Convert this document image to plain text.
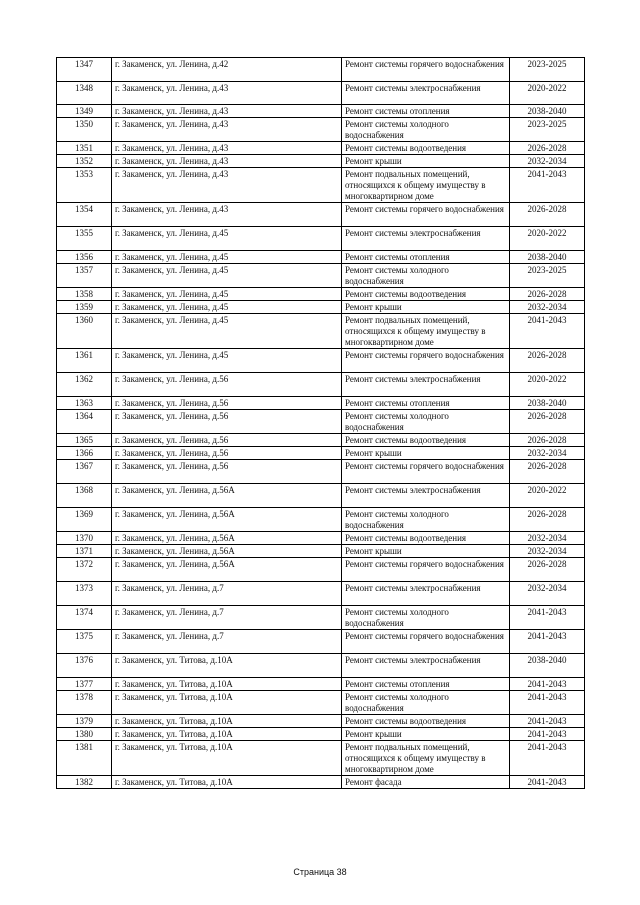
1347	г. Закаменск, ул. Ленина, д.42	Ремонт системы горячего водоснабжения	2023-2025
1348	г. Закаменск, ул. Ленина, д.43	Ремонт системы электроснабжения	2020-2022
1349	г. Закаменск, ул. Ленина, д.43	Ремонт системы отопления	2038-2040
1350	г. Закаменск, ул. Ленина, д.43	Ремонт системы холодного водоснабжения	2023-2025
1351	г. Закаменск, ул. Ленина, д.43	Ремонт системы водоотведения	2026-2028
1352	г. Закаменск, ул. Ленина, д.43	Ремонт крыши	2032-2034
1353	г. Закаменск, ул. Ленина, д.43	Ремонт подвальных помещений, относящихся к общему имуществу в многоквартирном доме	2041-2043
1354	г. Закаменск, ул. Ленина, д.43	Ремонт системы горячего водоснабжения	2026-2028
1355	г. Закаменск, ул. Ленина, д.45	Ремонт системы электроснабжения	2020-2022
1356	г. Закаменск, ул. Ленина, д.45	Ремонт системы отопления	2038-2040
1357	г. Закаменск, ул. Ленина, д.45	Ремонт системы холодного водоснабжения	2023-2025
1358	г. Закаменск, ул. Ленина, д.45	Ремонт системы водоотведения	2026-2028
1359	г. Закаменск, ул. Ленина, д.45	Ремонт крыши	2032-2034
1360	г. Закаменск, ул. Ленина, д.45	Ремонт подвальных помещений, относящихся к общему имуществу в многоквартирном доме	2041-2043
1361	г. Закаменск, ул. Ленина, д.45	Ремонт системы горячего водоснабжения	2026-2028
1362	г. Закаменск, ул. Ленина, д.56	Ремонт системы электроснабжения	2020-2022
1363	г. Закаменск, ул. Ленина, д.56	Ремонт системы отопления	2038-2040
1364	г. Закаменск, ул. Ленина, д.56	Ремонт системы холодного водоснабжения	2026-2028
1365	г. Закаменск, ул. Ленина, д.56	Ремонт системы водоотведения	2026-2028
1366	г. Закаменск, ул. Ленина, д.56	Ремонт крыши	2032-2034
1367	г. Закаменск, ул. Ленина, д.56	Ремонт системы горячего водоснабжения	2026-2028
1368	г. Закаменск, ул. Ленина, д.56А	Ремонт системы электроснабжения	2020-2022
1369	г. Закаменск, ул. Ленина, д.56А	Ремонт системы холодного водоснабжения	2026-2028
1370	г. Закаменск, ул. Ленина, д.56А	Ремонт системы водоотведения	2032-2034
1371	г. Закаменск, ул. Ленина, д.56А	Ремонт крыши	2032-2034
1372	г. Закаменск, ул. Ленина, д.56А	Ремонт системы горячего водоснабжения	2026-2028
1373	г. Закаменск, ул. Ленина, д.7	Ремонт системы электроснабжения	2032-2034
1374	г. Закаменск, ул. Ленина, д.7	Ремонт системы холодного водоснабжения	2041-2043
1375	г. Закаменск, ул. Ленина, д.7	Ремонт системы горячего водоснабжения	2041-2043
1376	г. Закаменск, ул. Титова, д.10А	Ремонт системы электроснабжения	2038-2040
1377	г. Закаменск, ул. Титова, д.10А	Ремонт системы отопления	2041-2043
1378	г. Закаменск, ул. Титова, д.10А	Ремонт системы холодного водоснабжения	2041-2043
1379	г. Закаменск, ул. Титова, д.10А	Ремонт системы водоотведения	2041-2043
1380	г. Закаменск, ул. Титова, д.10А	Ремонт крыши	2041-2043
1381	г. Закаменск, ул. Титова, д.10А	Ремонт подвальных помещений, относящихся к общему имуществу в многоквартирном доме	2041-2043
1382	г. Закаменск, ул. Титова, д.10А	Ремонт фасада	2041-2043
Страница 38
